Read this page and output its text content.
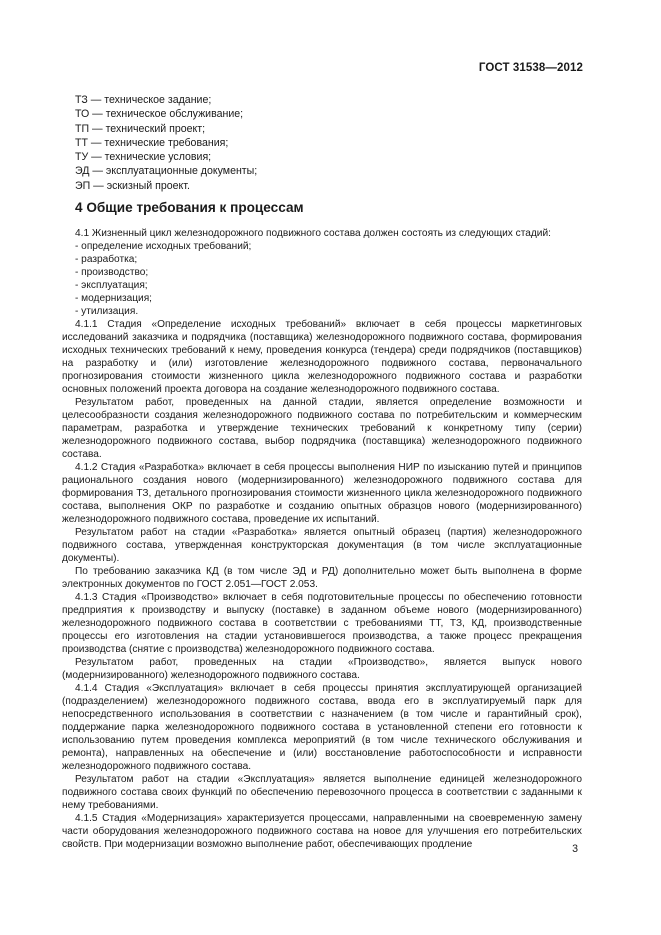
ГОСТ 31538—2012
ТЗ — техническое задание;
ТО — техническое обслуживание;
ТП — технический проект;
ТТ — технические требования;
ТУ — технические условия;
ЭД — эксплуатационные документы;
ЭП — эскизный проект.
4 Общие требования к процессам

4.1 Жизненный цикл железнодорожного подвижного состава должен состоять из следующих стадий:

- определение исходных требований;

- разработка;

- производство;

- эксплуатация;

- модернизация;

- утилизация.

4.1.1 Стадия «Определение исходных требований» включает в себя процессы маркетинговых исследований заказчика и подрядчика (поставщика) железнодорожного подвижного состава, формирования исходных технических требований к нему, проведения конкурса (тендера) среди подрядчиков (поставщиков) на разработку и (или) изготовление железнодорожного подвижного состава, первоначального прогнозирования стоимости жизненного цикла железнодорожного подвижного состава и разработки основных положений проекта договора на создание железнодорожного подвижного состава.

Результатом работ, проведенных на данной стадии, является определение возможности и целесообразности создания железнодорожного подвижного состава по потребительским и коммерческим параметрам, разработка и утверждение технических требований к конкретному типу (серии) железнодорожного подвижного состава, выбор подрядчика (поставщика) железнодорожного подвижного состава.

4.1.2 Стадия «Разработка» включает в себя процессы выполнения НИР по изысканию путей и принципов рационального создания нового (модернизированного) железнодорожного подвижного состава для формирования ТЗ, детального прогнозирования стоимости жизненного цикла железнодорожного подвижного состава, выполнения ОКР по разработке и созданию опытных образцов нового (модернизированного) железнодорожного подвижного состава, проведение их испытаний.

Результатом работ на стадии «Разработка» является опытный образец (партия) железнодорожного подвижного состава, утвержденная конструкторская документация (в том числе эксплуатационные документы).

По требованию заказчика КД (в том числе ЭД и РД) дополнительно может быть выполнена в форме электронных документов по ГОСТ 2.051—ГОСТ 2.053.

4.1.3 Стадия «Производство» включает в себя подготовительные процессы по обеспечению готовности предприятия к производству и выпуску (поставке) в заданном объеме нового (модернизированного) железнодорожного подвижного состава в соответствии с требованиями ТТ, ТЗ, КД, производственные процессы его изготовления на стадии установившегося производства, а также процесс прекращения производства (снятие с производства) железнодорожного подвижного состава.

Результатом работ, проведенных на стадии «Производство», является выпуск нового (модернизированного) железнодорожного подвижного состава.

4.1.4 Стадия «Эксплуатация» включает в себя процессы принятия эксплуатирующей организацией (подразделением) железнодорожного подвижного состава, ввода его в эксплуатируемый парк для непосредственного использования в соответствии с назначением (в том числе и гарантийный срок), поддержание парка железнодорожного подвижного состава в установленной степени его готовности к использованию путем проведения комплекса мероприятий (в том числе технического обслуживания и ремонта), направленных на обеспечение и (или) восстановление работоспособности и исправности железнодорожного подвижного состава.

Результатом работ на стадии «Эксплуатация» является выполнение единицей железнодорожного подвижного состава своих функций по обеспечению перевозочного процесса в соответствии с заданными к нему требованиями.

4.1.5 Стадия «Модернизация» характеризуется процессами, направленными на своевременную замену части оборудования железнодорожного подвижного состава на новое для улучшения его потребительских свойств. При модернизации возможно выполнение работ, обеспечивающих продление	3
